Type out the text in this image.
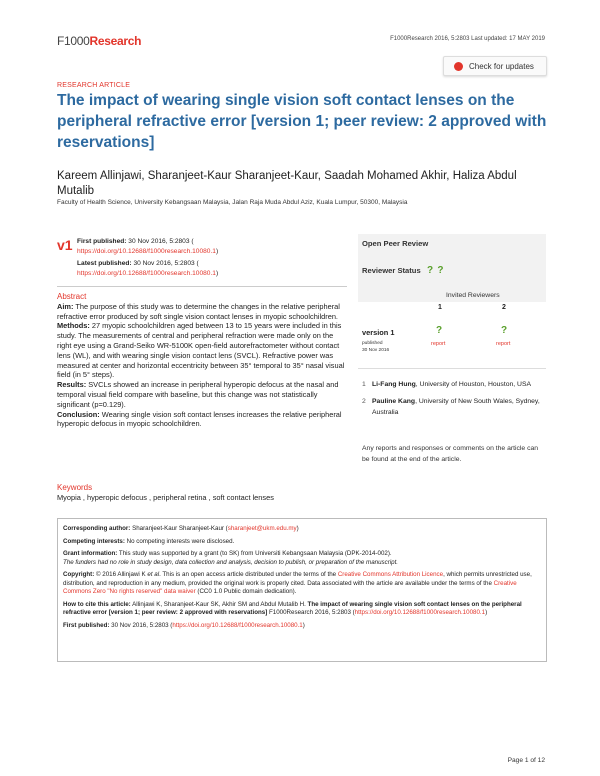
F1000Research	F1000Research 2016, 5:2803 Last updated: 17 MAY 2019
Check for updates
RESEARCH ARTICLE
The impact of wearing single vision soft contact lenses on the peripheral refractive error [version 1; peer review: 2 approved with reservations]
Kareem Allinjawi, Sharanjeet-Kaur Sharanjeet-Kaur, Saadah Mohamed Akhir, Haliza Abdul Mutalib
Faculty of Health Science, University Kebangsaan Malaysia, Jalan Raja Muda Abdul Aziz, Kuala Lumpur, 50300, Malaysia
v1 First published: 30 Nov 2016, 5:2803 (
https://doi.org/10.12688/f1000research.10080.1)
Latest published: 30 Nov 2016, 5:2803 (
https://doi.org/10.12688/f1000research.10080.1)
Abstract
Aim: The purpose of this study was to determine the changes in the relative peripheral refractive error produced by soft single vision contact lenses in myopic schoolchildren.
Methods: 27 myopic schoolchildren aged between 13 to 15 years were included in this study. The measurements of central and peripheral refraction were made only on the right eye using a Grand-Seiko WR-5100K open-field autorefractometer without contact lens (WL), and with wearing single vision contact lens (SVCL). Refractive power was measured at center and horizontal eccentricity between 35° temporal to 35° nasal visual field (in 5° steps).
Results: SVCLs showed an increase in peripheral hyperopic defocus at the nasal and temporal visual field compare with baseline, but this change was not statistically significant (p=0.129).
Conclusion: Wearing single vision soft contact lenses increases the relative peripheral hyperopic defocus in myopic schoolchildren.
Keywords
Myopia , hyperopic defocus , peripheral retina , soft contact lenses
Open Peer Review
Reviewer Status ? ?
Invited Reviewers
1	2
version 1
published
30 Nov 2016
?	?
report	report
1 Li-Fang Hung, University of Houston, Houston, USA
2 Pauline Kang, University of New South Wales, Sydney, Australia
Any reports and responses or comments on the article can be found at the end of the article.

Corresponding author: Sharanjeet-Kaur Sharanjeet-Kaur (sharanjeet@ukm.edu.my)

Competing interests: No competing interests were disclosed.

Grant information: This study was supported by a grant (to SK) from Universiti Kebangsaan Malaysia (DPK-2014-002).
The funders had no role in study design, data collection and analysis, decision to publish, or preparation of the manuscript.

Copyright: © 2016 Allinjawi K et al. This is an open access article distributed under the terms of the Creative Commons Attribution Licence, which permits unrestricted use, distribution, and reproduction in any medium, provided the original work is properly cited. Data associated with the article are available under the terms of the Creative Commons Zero "No rights reserved" data waiver (CC0 1.0 Public domain dedication).

How to cite this article: Allinjawi K, Sharanjeet-Kaur SK, Akhir SM and Abdul Mutalib H. The impact of wearing single vision soft contact lenses on the peripheral refractive error [version 1; peer review: 2 approved with reservations] F1000Research 2016, 5:2803 (https://doi.org/10.12688/f1000research.10080.1)

First published: 30 Nov 2016, 5:2803 (https://doi.org/10.12688/f1000research.10080.1)

Page 1 of 12
